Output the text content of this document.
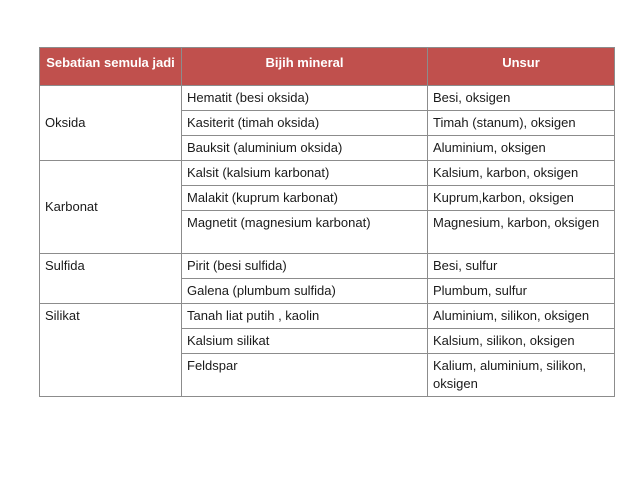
Sebatian semula jadi	Bijih mineral	Unsur
Oksida	Hematit (besi oksida)	Besi, oksigen
	Kasiterit (timah oksida)	Timah (stanum), oksigen
	Bauksit (aluminium oksida)	Aluminium, oksigen
Karbonat	Kalsit (kalsium karbonat)	Kalsium, karbon, oksigen
	Malakit (kuprum karbonat)	Kuprum,karbon, oksigen
	Magnetit (magnesium karbonat)	Magnesium, karbon, oksigen
Sulfida	Pirit (besi sulfida)	Besi, sulfur
	Galena (plumbum sulfida)	Plumbum, sulfur
Silikat	Tanah liat putih , kaolin	Aluminium, silikon, oksigen
	Kalsium silikat	Kalsium, silikon, oksigen
	Feldspar	Kalium, aluminium, silikon, oksigen
